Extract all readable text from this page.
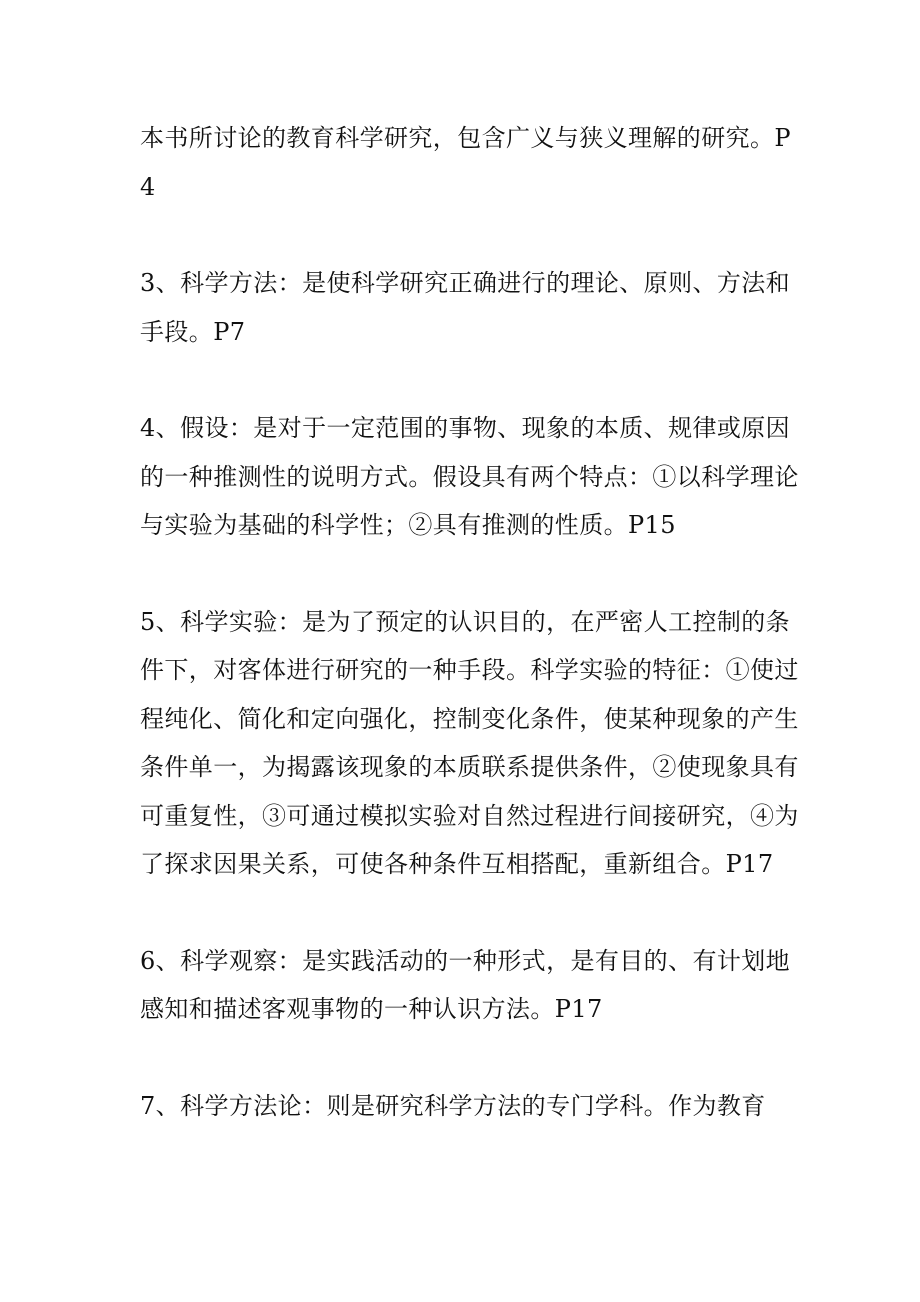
本书所讨论的教育科学研究，包含广义与狭义理解的研究。P4

3、科学方法：是使科学研究正确进行的理论、原则、方法和手段。P7

4、假设：是对于一定范围的事物、现象的本质、规律或原因的一种推测性的说明方式。假设具有两个特点：①以科学理论与实验为基础的科学性；②具有推测的性质。P15

5、科学实验：是为了预定的认识目的，在严密人工控制的条件下，对客体进行研究的一种手段。科学实验的特征：①使过程纯化、简化和定向强化，控制变化条件，使某种现象的产生条件单一，为揭露该现象的本质联系提供条件，②使现象具有可重复性，③可通过模拟实验对自然过程进行间接研究，④为了探求因果关系，可使各种条件互相搭配，重新组合。P17

6、科学观察：是实践活动的一种形式，是有目的、有计划地感知和描述客观事物的一种认识方法。P17

7、科学方法论：则是研究科学方法的专门学科。作为教育
